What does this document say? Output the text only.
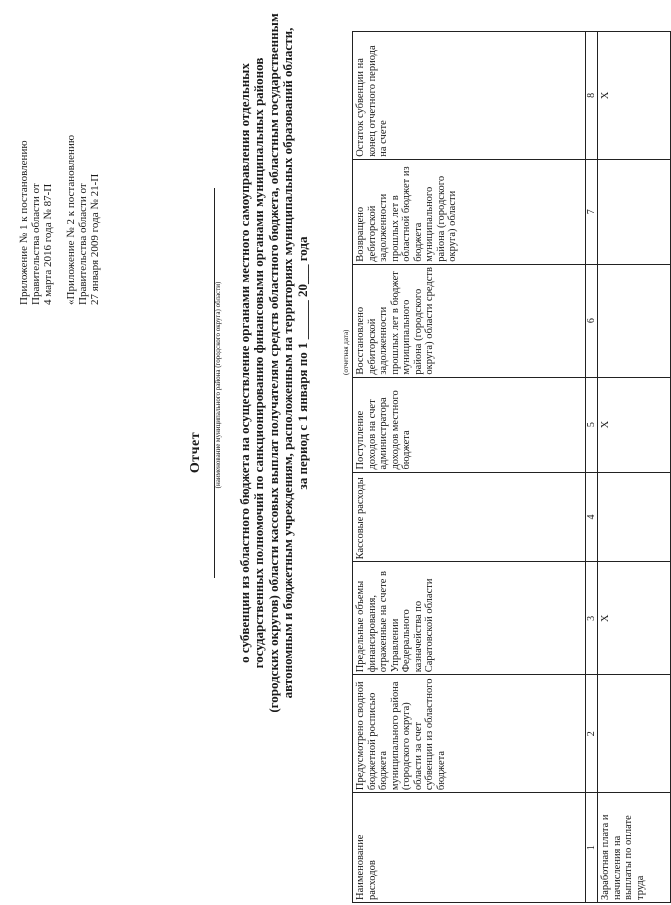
Приложение № 1 к постановлению Правительства области от 4 марта 2016 года № 87-П «Приложение № 2 к постановлению Правительства области от 27 января 2009 года № 21-П
Отчет (наименование муниципального района (городского округа) области) о субвенции из областного бюджета на осуществление органами местного самоуправления отдельных государственных полномочий по санкционированию финансовыми органами муниципальных районов (городских округов) области кассовых выплат получателям средств областного бюджета, областным государственным автономным и бюджетным учреждениям, расположенным на территориях муниципальных образований области, за период с 1 января по 1 ______ 20___ года	(отчетная дата)
Наименование расходов	Предусмотрено сводной бюджетной росписью бюджета муниципального района (городского округа) области за счет субвенции из областного бюджета	Предельные объемы финансирования, отраженные на счете в Управлении Федерального казначейства по Саратовской области	Кассовые расходы	Поступление доходов на счет администратора доходов местного бюджета	Восстановлено дебиторской задолженности прошлых лет в бюджет муниципального района (городского округа) области средств	Возвращено дебиторской задолженности прошлых лет в областной бюджет из бюджета муниципального района (городского округа) области	Остаток субвенции на конец отчетного периода на счете
1	2	3	4	5	6	7	8
Заработная плата и начисления на выплаты по оплате труда		X		X			X
